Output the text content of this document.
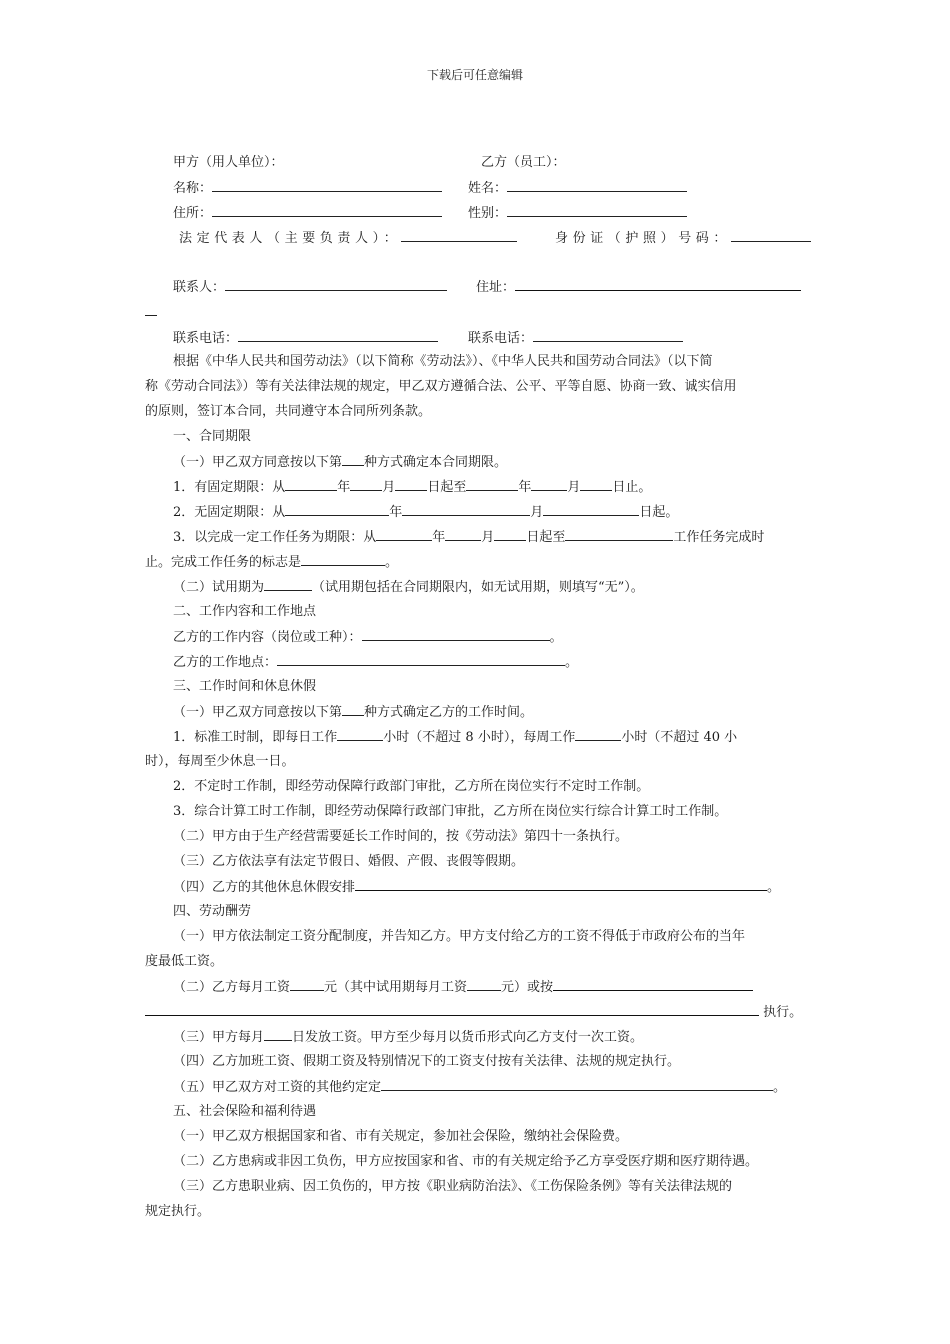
下载后可任意编辑
甲方（用人单位）：	乙方（员工）：
名称：	姓名：
住所：	性别：
法定代表人（主要负责人）：	身份证（护照）号码：
联系人：	住址：
联系电话：	联系电话：
根据《中华人民共和国劳动法》（以下简称《劳动法》）、《中华人民共和国劳动合同法》（以下简
称《劳动合同法》）等有关法律法规的规定，甲乙双方遵循合法、公平、平等自愿、协商一致、诚实信用
的原则，签订本合同，共同遵守本合同所列条款。
一、合同期限
（一）甲乙双方同意按以下第 种方式确定本合同期限。
1．有固定期限：从	年 月 日起至	年	月 日止。
2．无固定期限：从	年	月	日起。
3．以完成一定工作任务为期限：从	年	月 日起至	工作任务完成时
止。完成工作任务的标志是	。
（二）试用期为	（试用期包括在合同期限内，如无试用期，则填写“无”）。
二、工作内容和工作地点
乙方的工作内容（岗位或工种）：	。
乙方的工作地点：	。
三、工作时间和休息休假
（一）甲乙双方同意按以下第 种方式确定乙方的工作时间。
1．标准工时制，即每日工作	小时（不超过 8 小时），每周工作	小时（不超过 40 小
时），每周至少休息一日。
2．不定时工作制，即经劳动保障行政部门审批，乙方所在岗位实行不定时工作制。
3．综合计算工时工作制，即经劳动保障行政部门审批，乙方所在岗位实行综合计算工时工作制。
（二）甲方由于生产经营需要延长工作时间的，按《劳动法》第四十一条执行。
（三）乙方依法享有法定节假日、婚假、产假、丧假等假期。
（四）乙方的其他休息休假安排	。
四、劳动酬劳
（一）甲方依法制定工资分配制度，并告知乙方。甲方支付给乙方的工资不得低于市政府公布的当年
度最低工资。
（二）乙方每月工资	元（其中试用期每月工资	元）或按
执行。
（三）甲方每月 日发放工资。甲方至少每月以货币形式向乙方支付一次工资。
（四）乙方加班工资、假期工资及特别情况下的工资支付按有关法律、法规的规定执行。
（五）甲乙双方对工资的其他约定定	。
五、社会保险和福利待遇
（一）甲乙双方根据国家和省、市有关规定，参加社会保险，缴纳社会保险费。
（二）乙方患病或非因工负伤，甲方应按国家和省、市的有关规定给予乙方享受医疗期和医疗期待遇。
（三）乙方患职业病、因工负伤的，甲方按《职业病防治法》、《工伤保险条例》等有关法律法规的
规定执行。
